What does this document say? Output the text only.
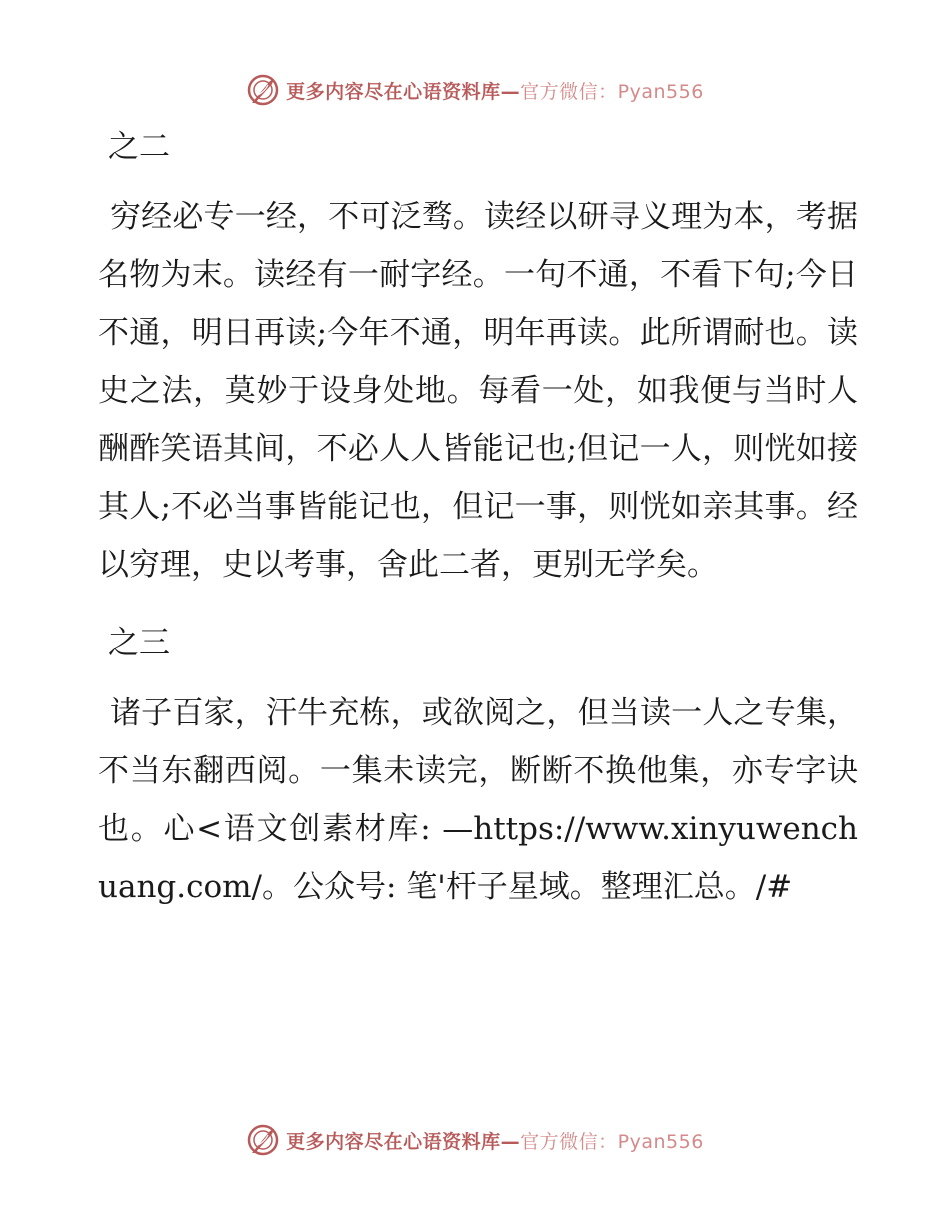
更多内容尽在心语资料库—官方微信：Pyan556

之二

穷经必专一经，不可泛骛。读经以研寻义理为本，考据名物为末。读经有一耐字经。一句不通，不看下句;今日不通，明日再读;今年不通，明年再读。此所谓耐也。读史之法，莫妙于设身处地。每看一处，如我便与当时人酬酢笑语其间，不必人人皆能记也;但记一人，则恍如接其人;不必当事皆能记也，但记一事，则恍如亲其事。经以穷理，史以考事，舍此二者，更别无学矣。

之三

诸子百家，汗牛充栋，或欲阅之，但当读一人之专集，不当东翻西阅。一集未读完，断断不换他集，亦专字诀也。心<语文创素材库: —https://www.xinyuwenchuang.com/。公众号: 笔'杆子星域。整理汇总。/#

更多内容尽在心语资料库—官方微信：Pyan556
